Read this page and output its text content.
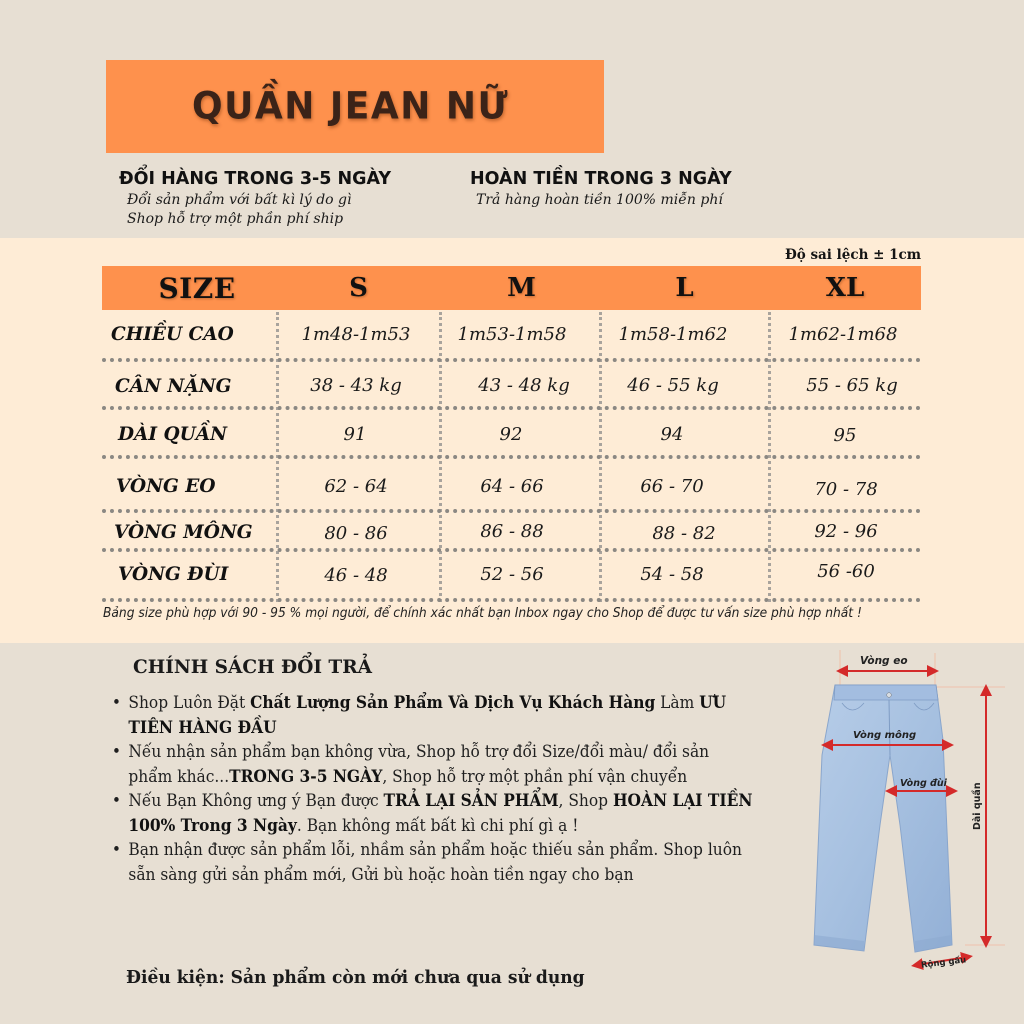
QUẦN JEAN NỮ
ĐỔI HÀNG TRONG 3-5 NGÀY
Đổi sản phẩm với bất kì lý do gì
Shop hỗ trợ một phần phí ship
HOÀN TIỀN TRONG 3 NGÀY
Trả hàng hoàn tiền 100% miễn phí
Độ sai lệch ± 1cm
SIZE	S	M	L	XL
CHIỀU CAO	1m48-1m53	1m53-1m58	1m58-1m62	1m62-1m68
CÂN NẶNG	38 - 43 kg	43 - 48 kg	46 - 55 kg	55 - 65 kg
DÀI QUẦN	91	92	94	95
VÒNG EO	62 - 64	64 - 66	66 - 70	70 - 78
VÒNG MÔNG	80 - 86	86 - 88	88 - 82	92 - 96
VÒNG ĐÙI	46 - 48	52 - 56	54 - 58	56 -60
Bảng size phù hợp với 90 - 95 % mọi người, để chính xác nhất bạn Inbox ngay cho Shop để được tư vấn size phù hợp nhất !
CHÍNH SÁCH ĐỔI TRẢ
• Shop Luôn Đặt Chất Lượng Sản Phẩm Và Dịch Vụ Khách Hàng Làm ƯU TIÊN HÀNG ĐẦU
• Nếu nhận sản phẩm bạn không vừa, Shop hỗ trợ đổi Size/đổi màu/ đổi sản phẩm khác...TRONG 3-5 NGÀY, Shop hỗ trợ một phần phí vận chuyển
• Nếu Bạn Không ưng ý Bạn được TRẢ LẠI SẢN PHẨM, Shop HOÀN LẠI TIỀN 100% Trong 3 Ngày. Bạn không mất bất kì chi phí gì ạ !
• Bạn nhận được sản phẩm lỗi, nhầm sản phẩm hoặc thiếu sản phẩm. Shop luôn sẵn sàng gửi sản phẩm mới, Gửi bù hoặc hoàn tiền ngay cho bạn
Điều kiện: Sản phẩm còn mới chưa qua sử dụng
Vòng eo
Vòng mông
Vòng đùi	Dài quần
Rộng gấu
